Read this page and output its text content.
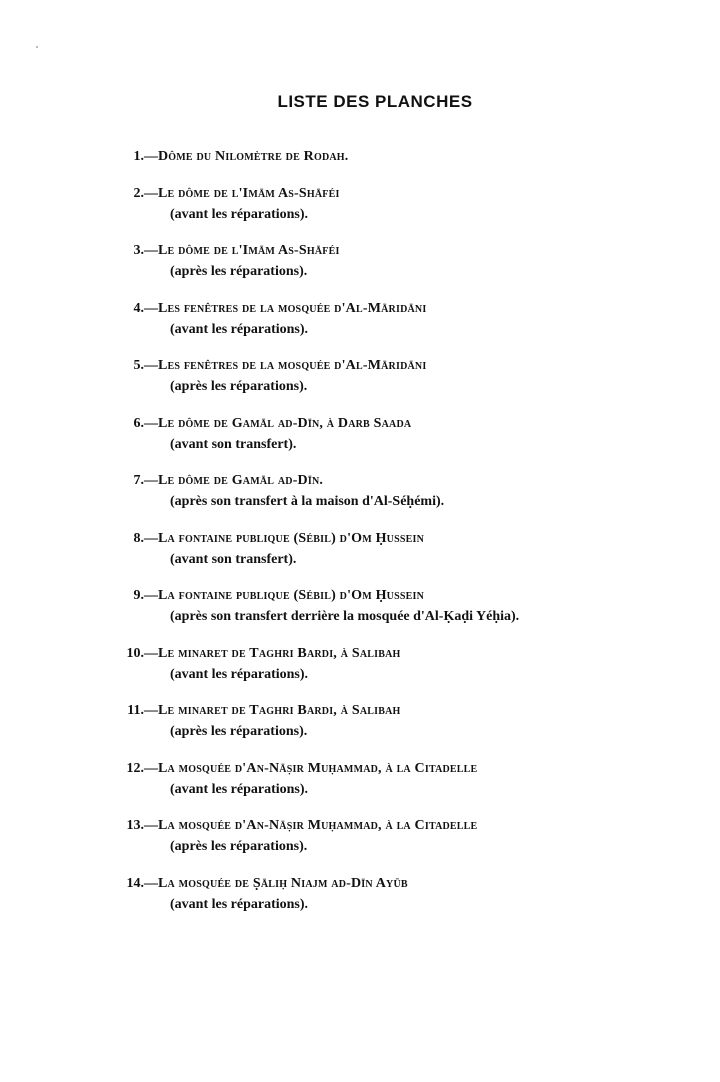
LISTE DES PLANCHES
1.—Dôme du Nilomètre de Rodah.
2.—Le dôme de l'Imām As-Shāféi
(avant les réparations).
3.—Le dôme de l'Imām As-Shāféi
(après les réparations).
4.—Les fenêtres de la mosquée d'Al-Māridāni
(avant les réparations).
5.—Les fenêtres de la mosquée d'Al-Māridāni
(après les réparations).
6.—Le dôme de Gamāl ad-Dīn, à Darb Saada
(avant son transfert).
7.—Le dôme de Gamāl ad-Dīn.
(après son transfert à la maison d'Al-Séḥémi).
8.—La fontaine publique (Sébil) d'Om Ḥussein
(avant son transfert).
9.—La fontaine publique (Sébil) d'Om Ḥussein
(après son transfert derrière la mosquée d'Al-Ḳaḍi Yéḥia).
10.—Le minaret de Taghri Bardi, à Salibah
(avant les réparations).
11.—Le minaret de Taghri Bardi, à Salibah
(après les réparations).
12.—La mosquée d'An-Nāṣir Muḥammad, à la Citadelle
(avant les réparations).
13.—La mosquée d'An-Nāṣir Muḥammad, à la Citadelle
(après les réparations).
14.—La mosquée de Ṣāliḥ Niajm ad-Dīn Ayūb
(avant les réparations).
